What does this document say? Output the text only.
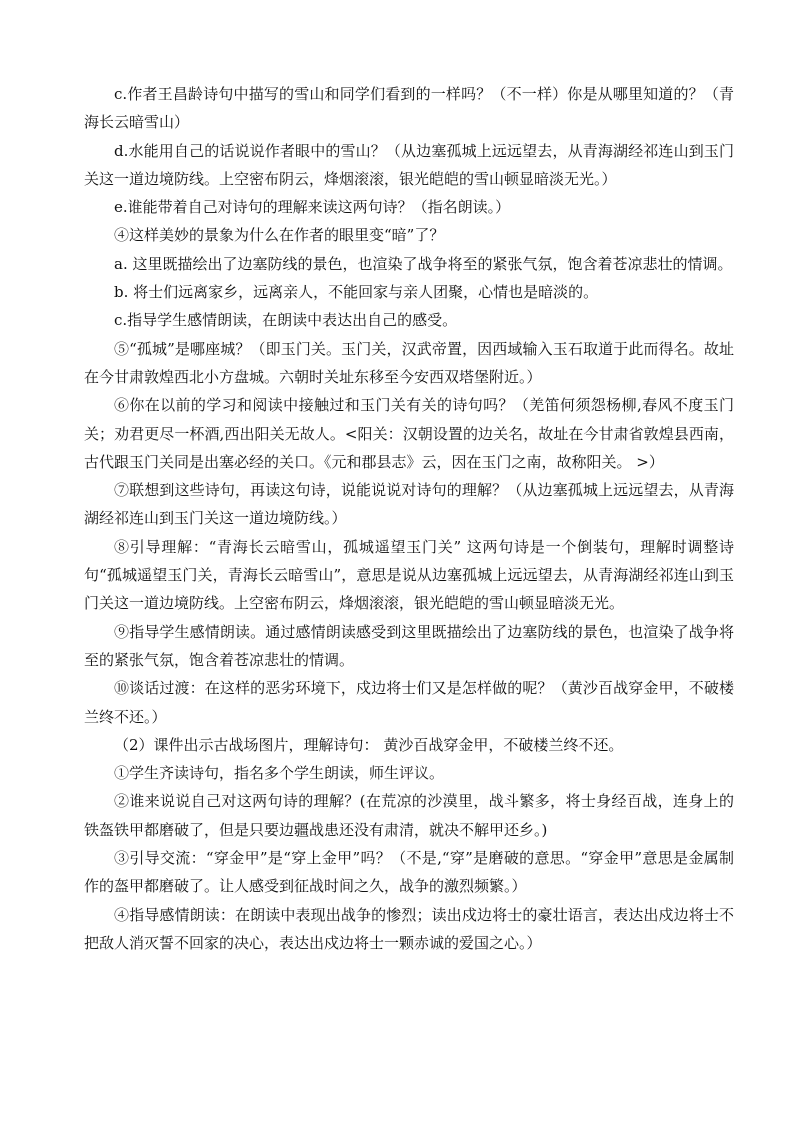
c.作者王昌龄诗句中描写的雪山和同学们看到的一样吗？（不一样）你是从哪里知道的？（青海长云暗雪山）

d.水能用自己的话说说作者眼中的雪山？（从边塞孤城上远远望去，从青海湖经祁连山到玉门关这一道边境防线。上空密布阴云，烽烟滚滚，银光皑皑的雪山顿显暗淡无光。）

e.谁能带着自己对诗句的理解来读这两句诗？（指名朗读。）

④这样美妙的景象为什么在作者的眼里变“暗”了？

a. 这里既描绘出了边塞防线的景色，也渲染了战争将至的紧张气氛，饱含着苍凉悲壮的情调。

b. 将士们远离家乡，远离亲人，不能回家与亲人团聚，心情也是暗淡的。

c.指导学生感情朗读，在朗读中表达出自己的感受。

⑤“孤城”是哪座城？（即玉门关。玉门关，汉武帝置，因西域输入玉石取道于此而得名。故址在今甘肃敦煌西北小方盘城。六朝时关址东移至今安西双塔堡附近。）

⑥你在以前的学习和阅读中接触过和玉门关有关的诗句吗？（羌笛何须怨杨柳,春风不度玉门关；劝君更尽一杯酒,西出阳关无故人。<阳关：汉朝设置的边关名，故址在今甘肃省敦煌县西南，古代跟玉门关同是出塞必经的关口。《元和郡县志》云，因在玉门之南，故称阳关。 >）

⑦联想到这些诗句，再读这句诗，说能说说对诗句的理解？（从边塞孤城上远远望去，从青海湖经祁连山到玉门关这一道边境防线。）

⑧引导理解：“青海长云暗雪山，孤城遥望玉门关” 这两句诗是一个倒装句，理解时调整诗句“孤城遥望玉门关，青海长云暗雪山”，意思是说从边塞孤城上远远望去，从青海湖经祁连山到玉门关这一道边境防线。上空密布阴云，烽烟滚滚，银光皑皑的雪山顿显暗淡无光。

⑨指导学生感情朗读。通过感情朗读感受到这里既描绘出了边塞防线的景色，也渲染了战争将至的紧张气氛，饱含着苍凉悲壮的情调。

⑩谈话过渡：在这样的恶劣环境下，戍边将士们又是怎样做的呢？（黄沙百战穿金甲，不破楼兰终不还。）

（2）课件出示古战场图片，理解诗句： 黄沙百战穿金甲，不破楼兰终不还。

①学生齐读诗句，指名多个学生朗读，师生评议。

②谁来说说自己对这两句诗的理解？(在荒凉的沙漠里，战斗繁多，将士身经百战，连身上的铁盔铁甲都磨破了，但是只要边疆战患还没有肃清，就决不解甲还乡。)

③引导交流：“穿金甲”是“穿上金甲”吗？（不是,“穿”是磨破的意思。“穿金甲”意思是金属制作的盔甲都磨破了。让人感受到征战时间之久，战争的激烈频繁。）

④指导感情朗读：在朗读中表现出战争的惨烈；读出戍边将士的豪壮语言，表达出戍边将士不把敌人消灭誓不回家的决心，表达出戍边将士一颗赤诚的爱国之心。）
